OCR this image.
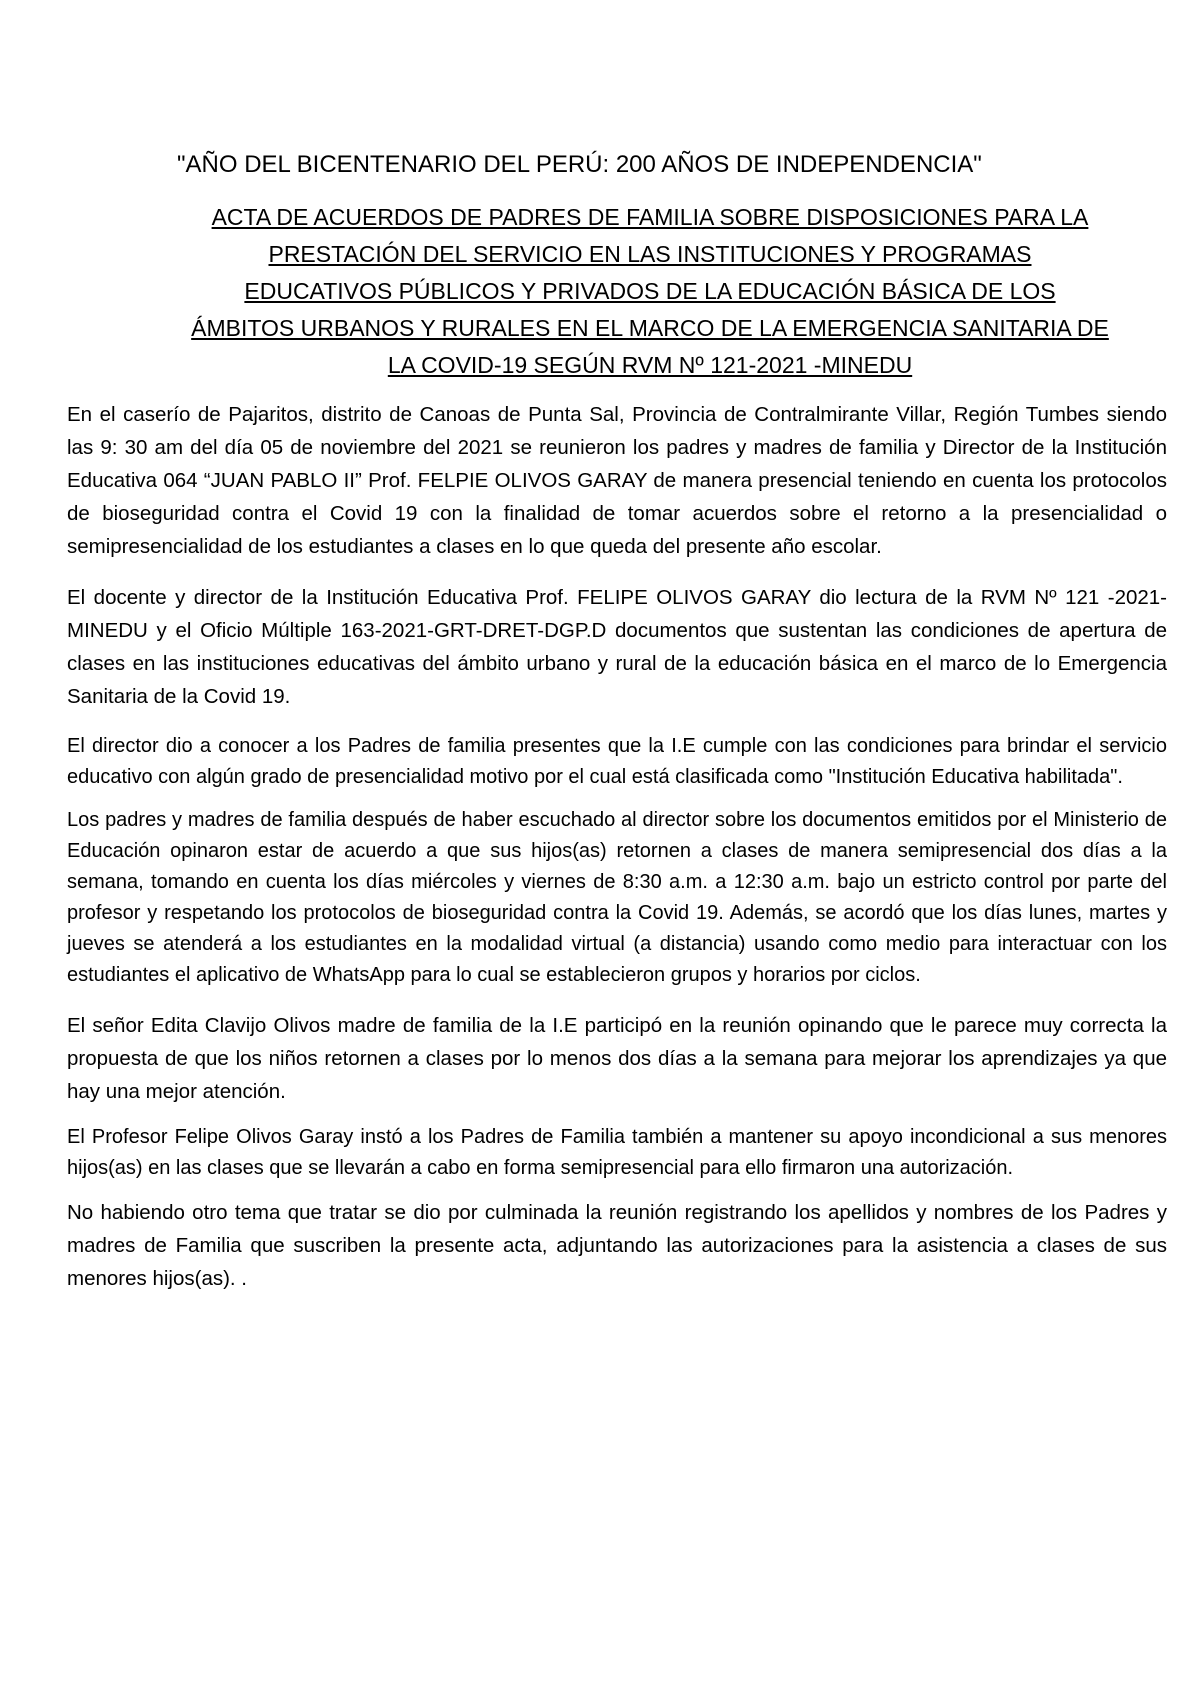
"AÑO DEL BICENTENARIO DEL PERÚ: 200 AÑOS DE INDEPENDENCIA"
ACTA DE ACUERDOS DE PADRES DE FAMILIA SOBRE DISPOSICIONES PARA LA
PRESTACIÓN DEL SERVICIO EN LAS INSTITUCIONES Y PROGRAMAS
EDUCATIVOS PÚBLICOS Y PRIVADOS DE LA EDUCACIÓN BÁSICA DE LOS
ÁMBITOS URBANOS Y RURALES EN EL MARCO DE LA EMERGENCIA SANITARIA DE
LA COVID-19 SEGÚN RVM Nº 121-2021 -MINEDU

En el caserío de Pajaritos, distrito de Canoas de Punta Sal, Provincia de Contralmirante Villar, Región Tumbes siendo las 9: 30 am del día 05 de noviembre del 2021 se reunieron los padres y madres de familia y Director de la Institución Educativa 064 “JUAN PABLO II” Prof. FELPIE OLIVOS GARAY de manera presencial teniendo en cuenta los protocolos de bioseguridad contra el Covid 19 con la finalidad de tomar acuerdos sobre el retorno a la presencialidad o semipresencialidad de los estudiantes a clases en lo que queda del presente año escolar.

El docente y director de la Institución Educativa Prof. FELIPE OLIVOS GARAY dio lectura de la RVM Nº 121 -2021-MINEDU y el Oficio Múltiple 163-2021-GRT-DRET-DGP.D documentos que sustentan las condiciones de apertura de clases en las instituciones educativas del ámbito urbano y rural de la educación básica en el marco de lo Emergencia Sanitaria de la Covid 19.

El director dio a conocer a los Padres de familia presentes que la I.E cumple con las condiciones para brindar el servicio educativo con algún grado de presencialidad motivo por el cual está clasificada como "Institución Educativa habilitada".

Los padres y madres de familia después de haber escuchado al director sobre los documentos emitidos por el Ministerio de Educación opinaron estar de acuerdo a que sus hijos(as) retornen a clases de manera semipresencial dos días a la semana, tomando en cuenta los días miércoles y viernes de 8:30 a.m. a 12:30 a.m. bajo un estricto control por parte del profesor y respetando los protocolos de bioseguridad contra la Covid 19. Además, se acordó que los días lunes, martes y jueves se atenderá a los estudiantes en la modalidad virtual (a distancia) usando como medio para interactuar con los estudiantes el aplicativo de WhatsApp para lo cual se establecieron grupos y horarios por ciclos.

El señor Edita Clavijo Olivos madre de familia de la I.E participó en la reunión opinando que le parece muy correcta la propuesta de que los niños retornen a clases por lo menos dos días a la semana para mejorar los aprendizajes ya que hay una mejor atención.

El Profesor Felipe Olivos Garay instó a los Padres de Familia también a mantener su apoyo incondicional a sus menores hijos(as) en las clases que se llevarán a cabo en forma semipresencial para ello firmaron una autorización.

No habiendo otro tema que tratar se dio por culminada la reunión registrando los apellidos y nombres de los Padres y madres de Familia que suscriben la presente acta, adjuntando las autorizaciones para la asistencia a clases de sus menores hijos(as). .
